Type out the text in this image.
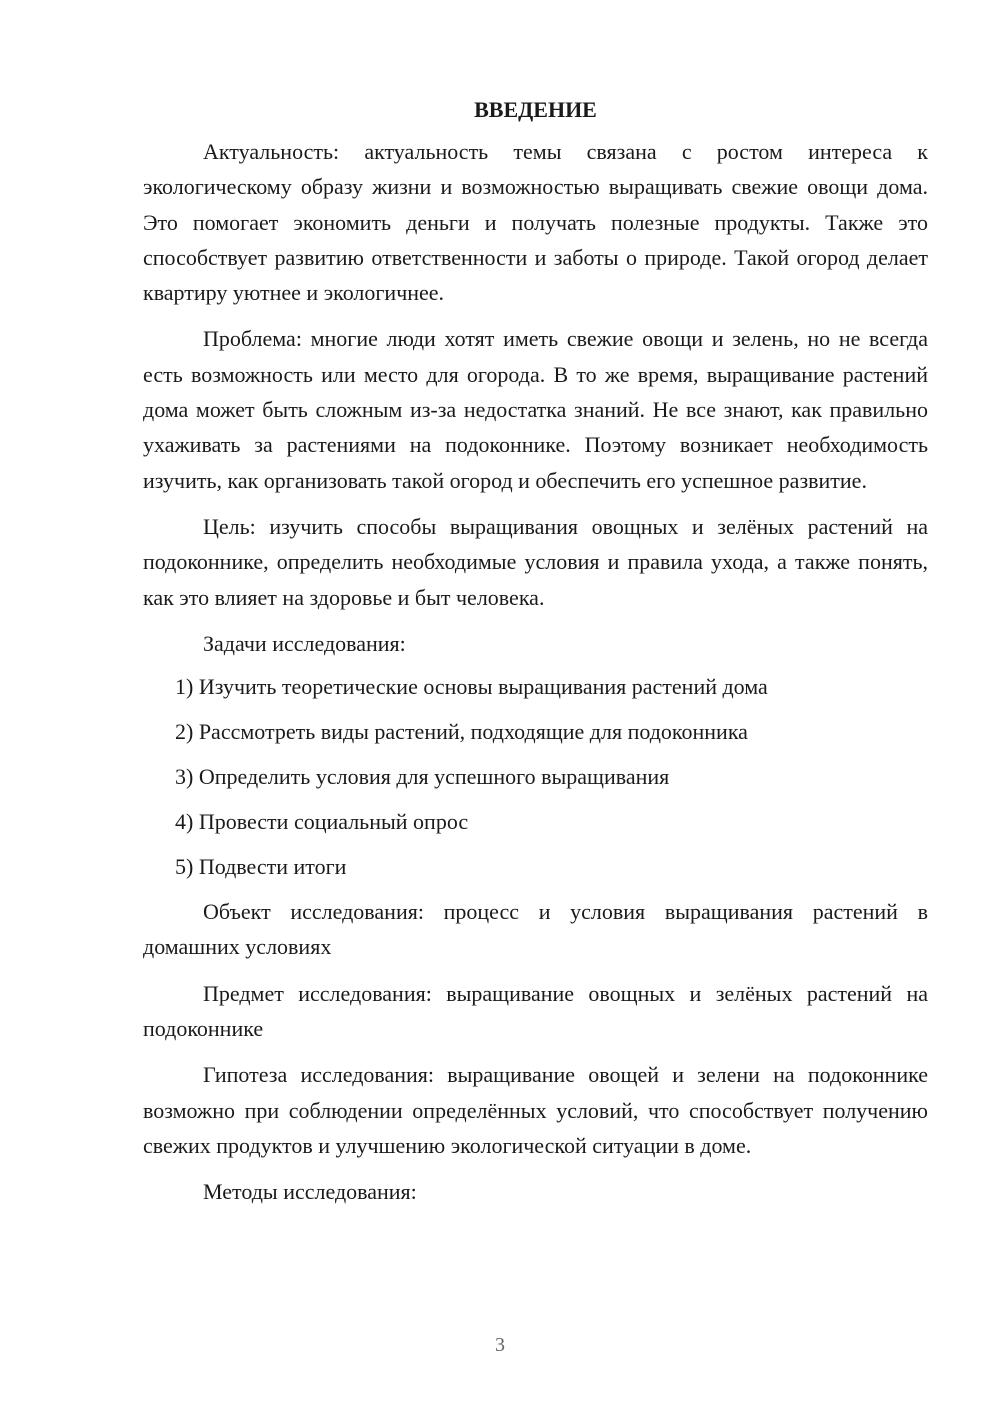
ВВЕДЕНИЕ

Актуальность: актуальность темы связана с ростом интереса к экологическому образу жизни и возможностью выращивать свежие овощи дома. Это помогает экономить деньги и получать полезные продукты. Также это способствует развитию ответственности и заботы о природе. Такой огород делает квартиру уютнее и экологичнее.

Проблема: многие люди хотят иметь свежие овощи и зелень, но не всегда есть возможность или место для огорода. В то же время, выращивание растений дома может быть сложным из-за недостатка знаний. Не все знают, как правильно ухаживать за растениями на подоконнике. Поэтому возникает необходимость изучить, как организовать такой огород и обеспечить его успешное развитие.

Цель: изучить способы выращивания овощных и зелёных растений на подоконнике, определить необходимые условия и правила ухода, а также понять, как это влияет на здоровье и быт человека.

Задачи исследования:

1) Изучить теоретические основы выращивания растений дома
2) Рассмотреть виды растений, подходящие для подоконника
3) Определить условия для успешного выращивания
4) Провести социальный опрос
5) Подвести итоги

Объект исследования: процесс и условия выращивания растений в домашних условиях

Предмет исследования: выращивание овощных и зелёных растений на подоконнике

Гипотеза исследования: выращивание овощей и зелени на подоконнике возможно при соблюдении определённых условий, что способствует получению свежих продуктов и улучшению экологической ситуации в доме.

Методы исследования:

3
